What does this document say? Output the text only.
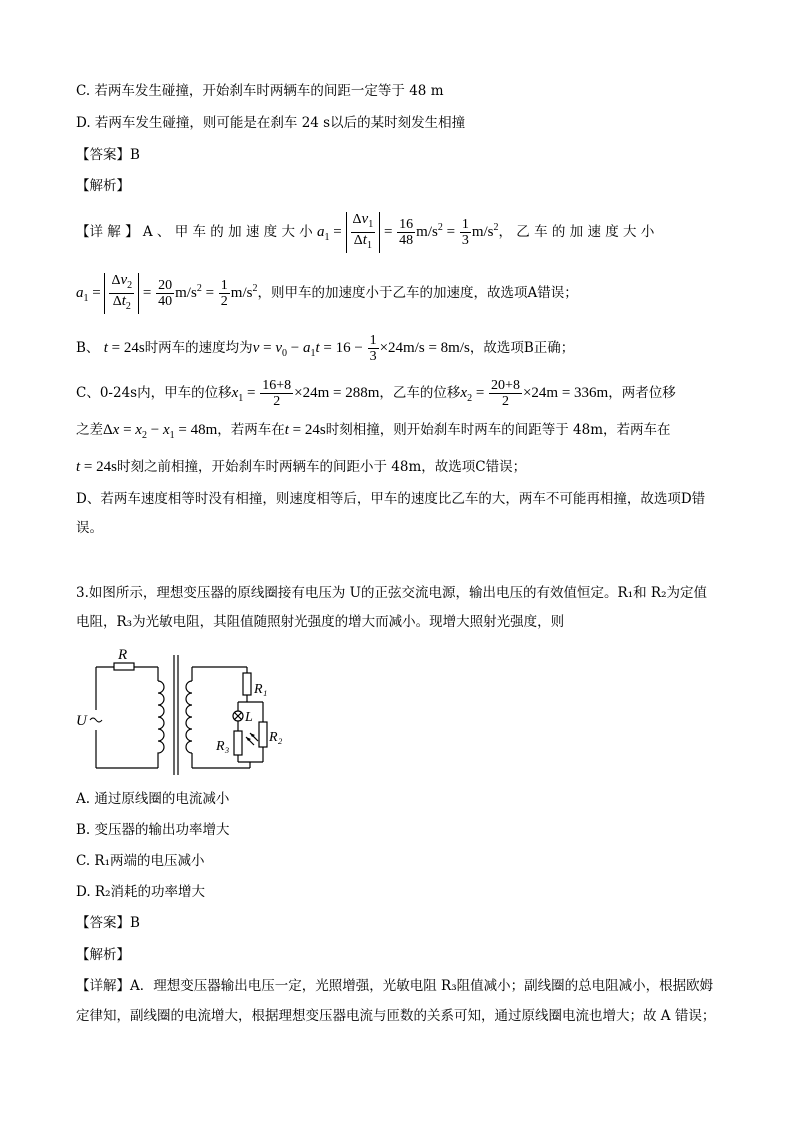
C. 若两车发生碰撞，开始刹车时两辆车的间距一定等于 48 m
D. 若两车发生碰撞，则可能是在刹车 24 s以后的某时刻发生相撞
【答案】B
【解析】
【详 解 】 A 、 甲 车 的 加 速 度 大 小 $a_1 = \frac{\Delta v_1}{\Delta t_1} = \frac{16}{48} m/s^2 = \frac{1}{3} m/s^2$， 乙 车 的 加 速 度 大 小
$a_1 = \frac{\Delta v_2}{\Delta t_2} = \frac{20}{40} m/s^2 = \frac{1}{2} m/s^2$，则甲车的加速度小于乙车的加速度，故选项A错误；
B、 t = 24s时两车的速度均为$v = v_0 - a_1t = 16 - \frac{1}{3} \times 24m/s = 8m/s$，故选项B正确；
C、0-24s内，甲车的位移$x_1 = \frac{16+8}{2} \times 24m = 288m$，乙车的位移$x_2 = \frac{20+8}{2} \times 24m = 336m$，两者位移
之差$\Delta x = x_2 - x_1 = 48m$，若两车在t = 24s时刻相撞，则开始刹车时两车的间距等于 48m，若两车在
t = 24s时刻之前相撞，开始刹车时两辆车的间距小于 48m，故选项C错误；
D、若两车速度相等时没有相撞，则速度相等后，甲车的速度比乙车的大，两车不可能再相撞，故选项D错
误。
3.如图所示，理想变压器的原线圈接有电压为 U的正弦交流电源，输出电压的有效值恒定。R₁和 R₂为定值
电阻，R₃为光敏电阻，其阻值随照射光强度的增大而减小。现增大照射光强度，则
R
U
R₁
L
R₃
R₂
A. 通过原线圈的电流减小
B. 变压器的输出功率增大
C. R₁两端的电压减小
D. R₂消耗的功率增大
【答案】B
【解析】
【详解】A．理想变压器输出电压一定，光照增强，光敏电阻 R₃阻值减小；副线圈的总电阻减小，根据欧姆
定律知，副线圈的电流增大，根据理想变压器电流与匝数的关系可知，通过原线圈电流也增大；故 A 错误；
